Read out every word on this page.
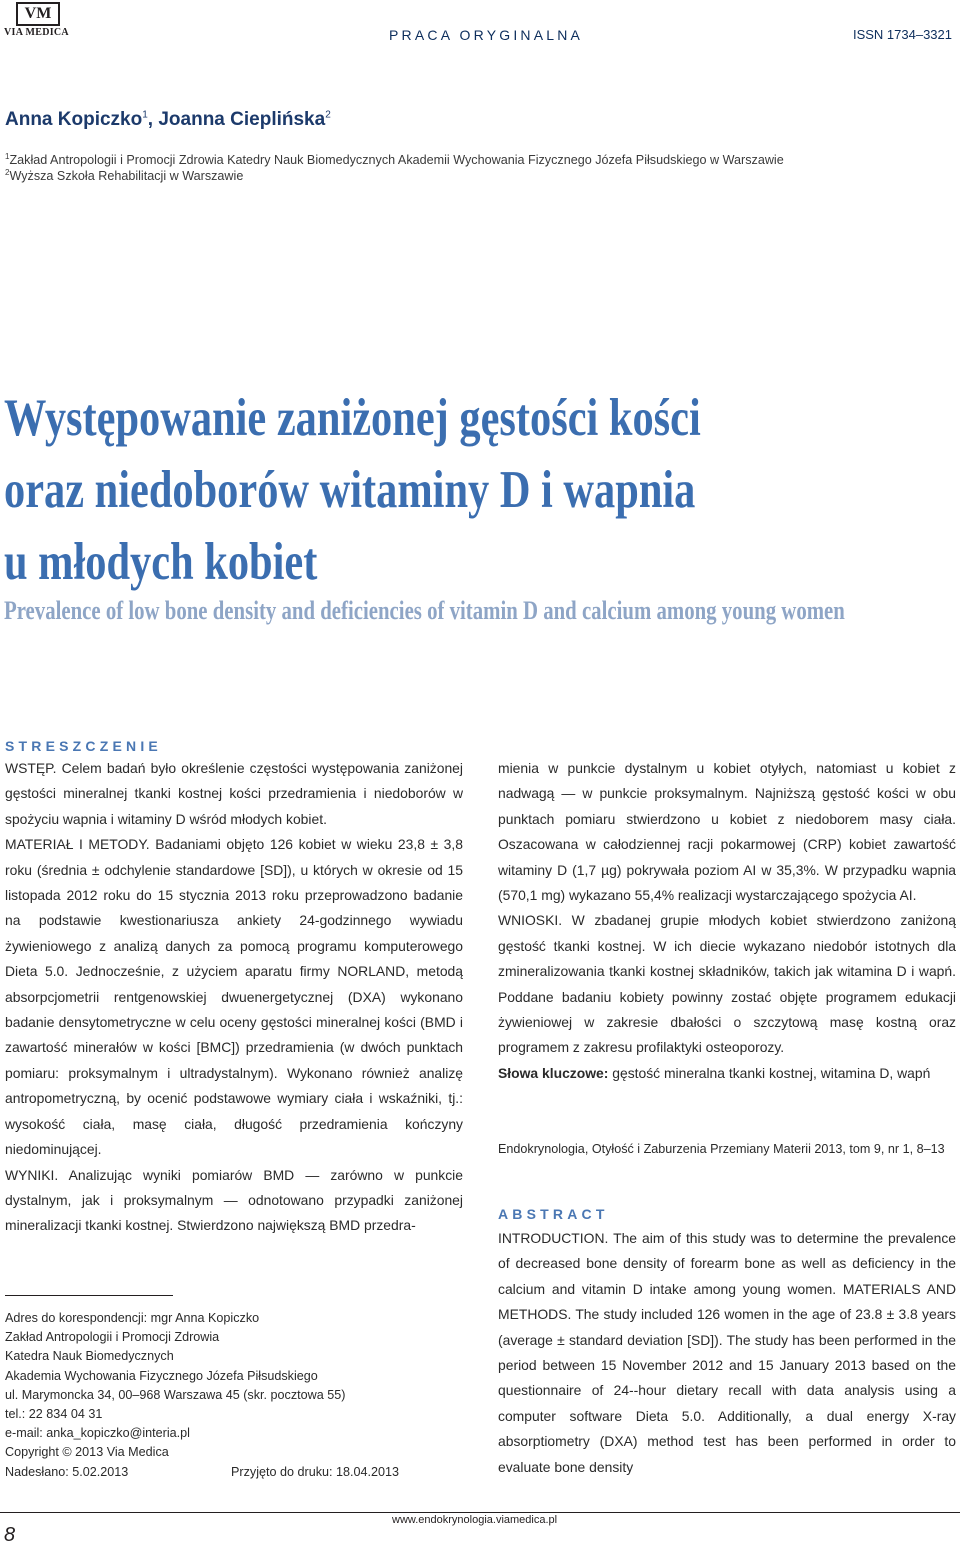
VM
VIA MEDICA	PRACA ORYGINALNA	ISSN 1734–3321
Anna Kopiczko$^1$, Joanna Cieplińska$^2$
$^1$Zakład Antropologii i Promocji Zdrowia Katedry Nauk Biomedycznych Akademii Wychowania Fizycznego Józefa Piłsudskiego w Warszawie
$^2$Wyższa Szkoła Rehabilitacji w Warszawie
Występowanie zaniżonej gęstości kości
oraz niedoborów witaminy D i wapnia
u młodych kobiet
Prevalence of low bone density and deficiencies of vitamin D and calcium among young women
STRESZCZENIE

WSTĘP. Celem badań było określenie częstości występowania zaniżonej gęstości mineralnej tkanki kostnej kości przedramienia i niedoborów w spożyciu wapnia i witaminy D wśród młodych kobiet.

MATERIAŁ I METODY. Badaniami objęto 126 kobiet w wieku 23,8 ± 3,8 roku (średnia ± odchylenie standardowe [SD]), u których w okresie od 15 listopada 2012 roku do 15 stycznia 2013 roku przeprowadzono badanie na podstawie kwestionariusza ankiety 24-godzinnego wywiadu żywieniowego z analizą danych za pomocą programu komputerowego Dieta 5.0. Jednocześnie, z użyciem aparatu firmy NORLAND, metodą absorpcjometrii rentgenowskiej dwuenergetycznej (DXA) wykonano badanie densytometryczne w celu oceny gęstości mineralnej kości (BMD i zawartość minerałów w kości [BMC]) przedramienia (w dwóch punktach pomiaru: proksymalnym i ultradystalnym). Wykonano również analizę antropometryczną, by ocenić podstawowe wymiary ciała i wskaźniki, tj.: wysokość ciała, masę ciała, długość przedramienia kończyny niedominującej.

WYNIKI. Analizując wyniki pomiarów BMD — zarówno w punkcie dystalnym, jak i proksymalnym — odnotowano przypadki zaniżonej mineralizacji tkanki kostnej. Stwierdzono największą BMD przedra-

mienia w punkcie dystalnym u kobiet otyłych, natomiast u kobiet z nadwagą — w punkcie proksymalnym. Najniższą gęstość kości w obu punktach pomiaru stwierdzono u kobiet z niedoborem masy ciała. Oszacowana w całodziennej racji pokarmowej (CRP) kobiet zawartość witaminy D (1,7 µg) pokrywała poziom AI w 35,3%. W przypadku wapnia (570,1 mg) wykazano 55,4% realizacji wystarczającego spożycia AI.

WNIOSKI. W zbadanej grupie młodych kobiet stwierdzono zaniżoną gęstość tkanki kostnej. W ich diecie wykazano niedobór istotnych dla zmineralizowania tkanki kostnej składników, takich jak witamina D i wapń. Poddane badaniu kobiety powinny zostać objęte programem edukacji żywieniowej w zakresie dbałości o szczytową masę kostną oraz programem z zakresu profilaktyki osteoporozy.

Słowa kluczowe: gęstość mineralna tkanki kostnej, witamina D, wapń

Endokrynologia, Otyłość i Zaburzenia Przemiany Materii 2013, tom 9, nr 1, 8–13
ABSTRACT
INTRODUCTION. The aim of this study was to determine the prevalence of decreased bone density of forearm bone as well as deficiency in the calcium and vitamin D intake among young women. MATERIALS AND METHODS. The study included 126 women in the age of 23.8 ± 3.8 years (average ± standard deviation [SD]). The study has been performed in the period between 15 November 2012 and 15 January 2013 based on the questionnaire of 24--hour dietary recall with data analysis using a computer software Dieta 5.0. Additionally, a dual energy X-ray absorptiometry (DXA) method test has been performed in order to evaluate bone density
Adres do korespondencji: mgr Anna Kopiczko
Zakład Antropologii i Promocji Zdrowia
Katedra Nauk Biomedycznych
Akademia Wychowania Fizycznego Józefa Piłsudskiego
ul. Marymoncka 34, 00–968 Warszawa 45 (skr. pocztowa 55)
tel.: 22 834 04 31
e-mail: anka_kopiczko@interia.pl
Copyright © 2013 Via Medica
Nadesłano: 5.02.2013	Przyjęto do druku: 18.04.2013
8
www.endokrynologia.viamedica.pl
